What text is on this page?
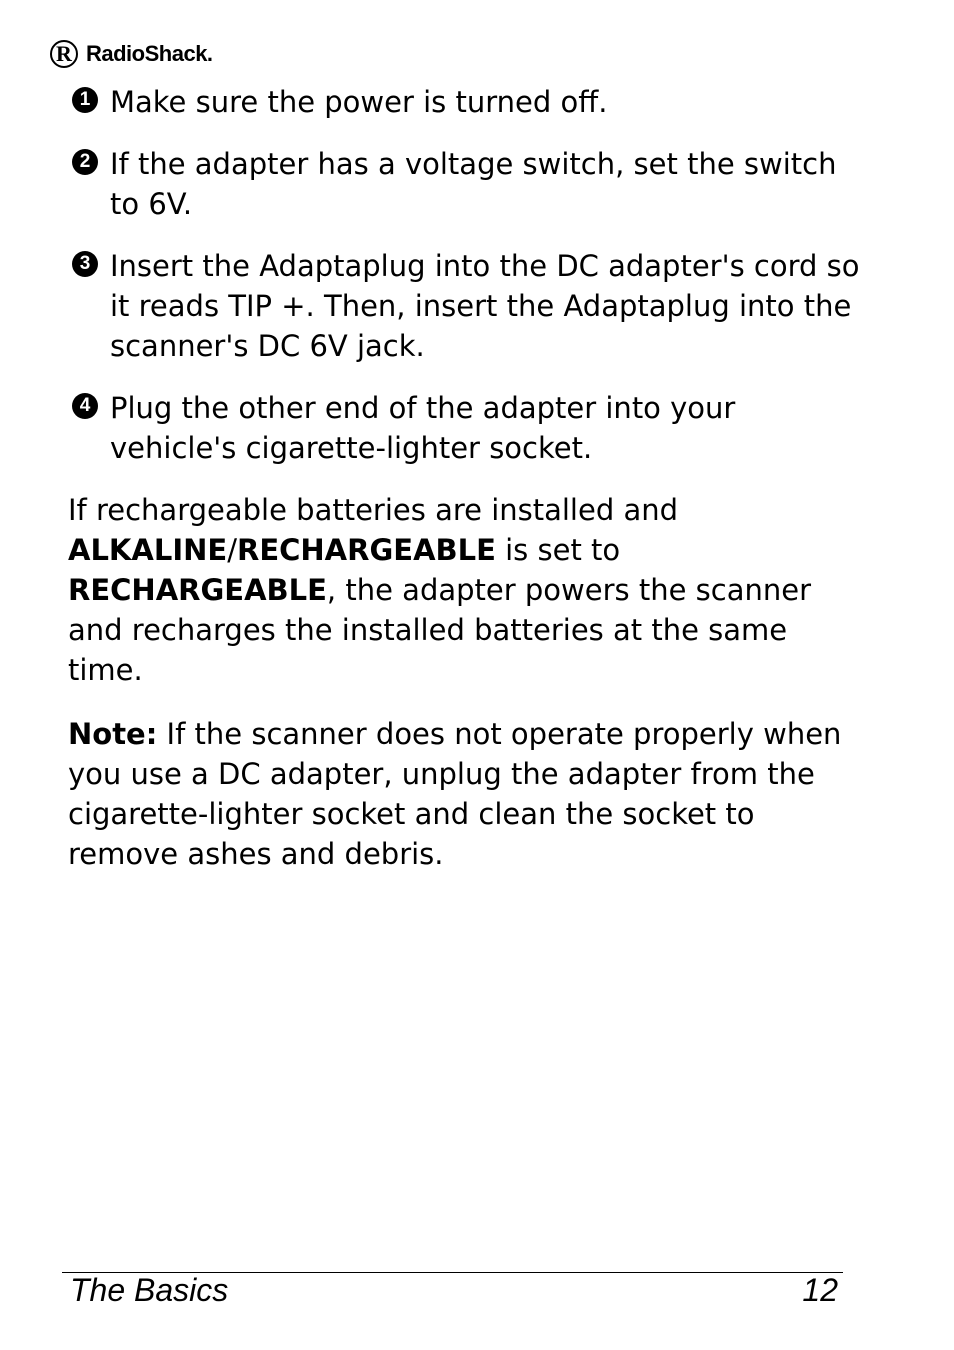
R RadioShack.
1 Make sure the power is turned off.
2 If the adapter has a voltage switch, set the switch to 6V.
3 Insert the Adaptaplug into the DC adapter's cord so it reads TIP +. Then, insert the Adaptaplug into the scanner's DC 6V jack.
4 Plug the other end of the adapter into your vehicle's cigarette-lighter socket.

If rechargeable batteries are installed and ALKALINE/RECHARGEABLE is set to RECHARGEABLE, the adapter powers the scanner and recharges the installed batteries at the same time.

Note: If the scanner does not operate properly when you use a DC adapter, unplug the adapter from the cigarette-lighter socket and clean the socket to remove ashes and debris.

The Basics	12
